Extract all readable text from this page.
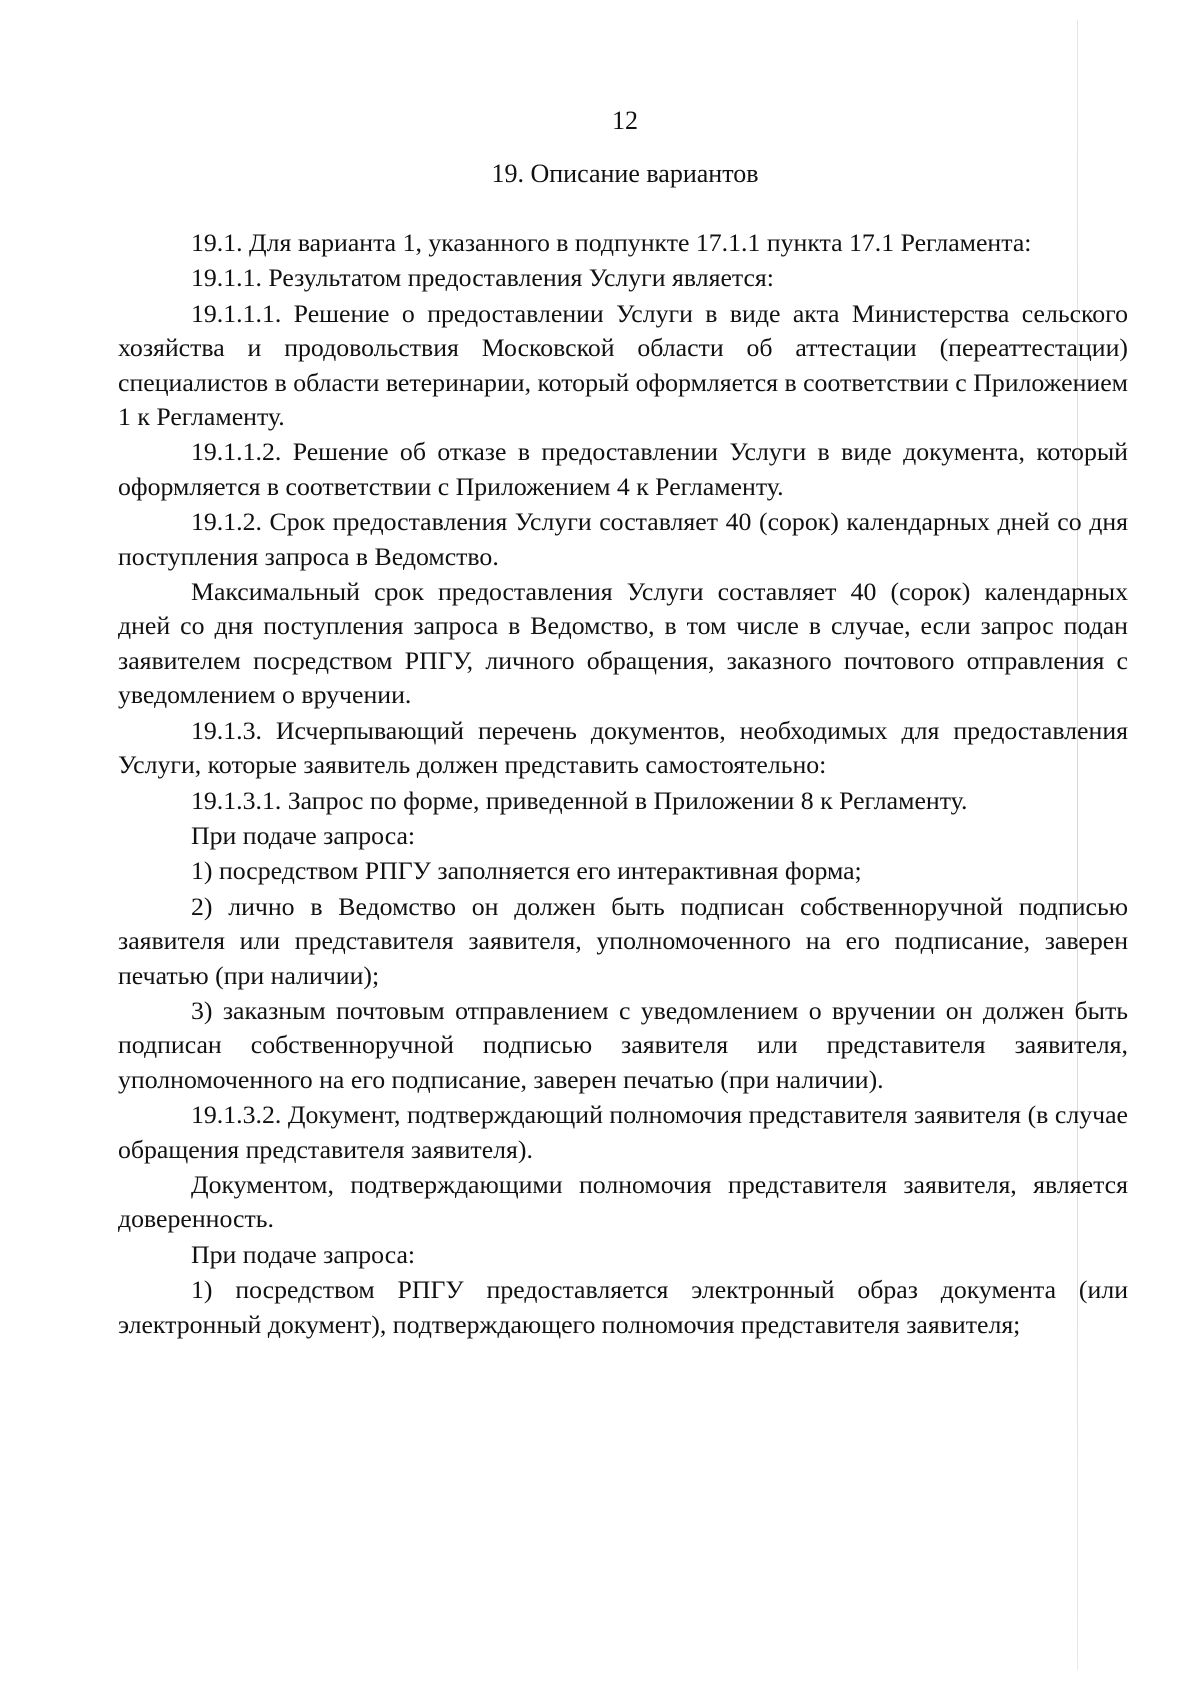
12
19. Описание вариантов

19.1. Для варианта 1, указанного в подпункте 17.1.1 пункта 17.1 Регламента:

19.1.1. Результатом предоставления Услуги является:

19.1.1.1. Решение о предоставлении Услуги в виде акта Министерства сельского хозяйства и продовольствия Московской области об аттестации (переаттестации) специалистов в области ветеринарии, который оформляется в соответствии с Приложением 1 к Регламенту.

19.1.1.2. Решение об отказе в предоставлении Услуги в виде документа, который оформляется в соответствии с Приложением 4 к Регламенту.

19.1.2. Срок предоставления Услуги составляет 40 (сорок) календарных дней со дня поступления запроса в Ведомство.

Максимальный срок предоставления Услуги составляет 40 (сорок) календарных дней со дня поступления запроса в Ведомство, в том числе в случае, если запрос подан заявителем посредством РПГУ, личного обращения, заказного почтового отправления с уведомлением о вручении.

19.1.3. Исчерпывающий перечень документов, необходимых для предоставления Услуги, которые заявитель должен представить самостоятельно:

19.1.3.1. Запрос по форме, приведенной в Приложении 8 к Регламенту.

При подаче запроса:

1) посредством РПГУ заполняется его интерактивная форма;

2) лично в Ведомство он должен быть подписан собственноручной подписью заявителя или представителя заявителя, уполномоченного на его подписание, заверен печатью (при наличии);

3) заказным почтовым отправлением с уведомлением о вручении он должен быть подписан собственноручной подписью заявителя или представителя заявителя, уполномоченного на его подписание, заверен печатью (при наличии).

19.1.3.2. Документ, подтверждающий полномочия представителя заявителя (в случае обращения представителя заявителя).

Документом, подтверждающими полномочия представителя заявителя, является доверенность.

При подаче запроса:

1) посредством РПГУ предоставляется электронный образ документа (или электронный документ), подтверждающего полномочия представителя заявителя;
